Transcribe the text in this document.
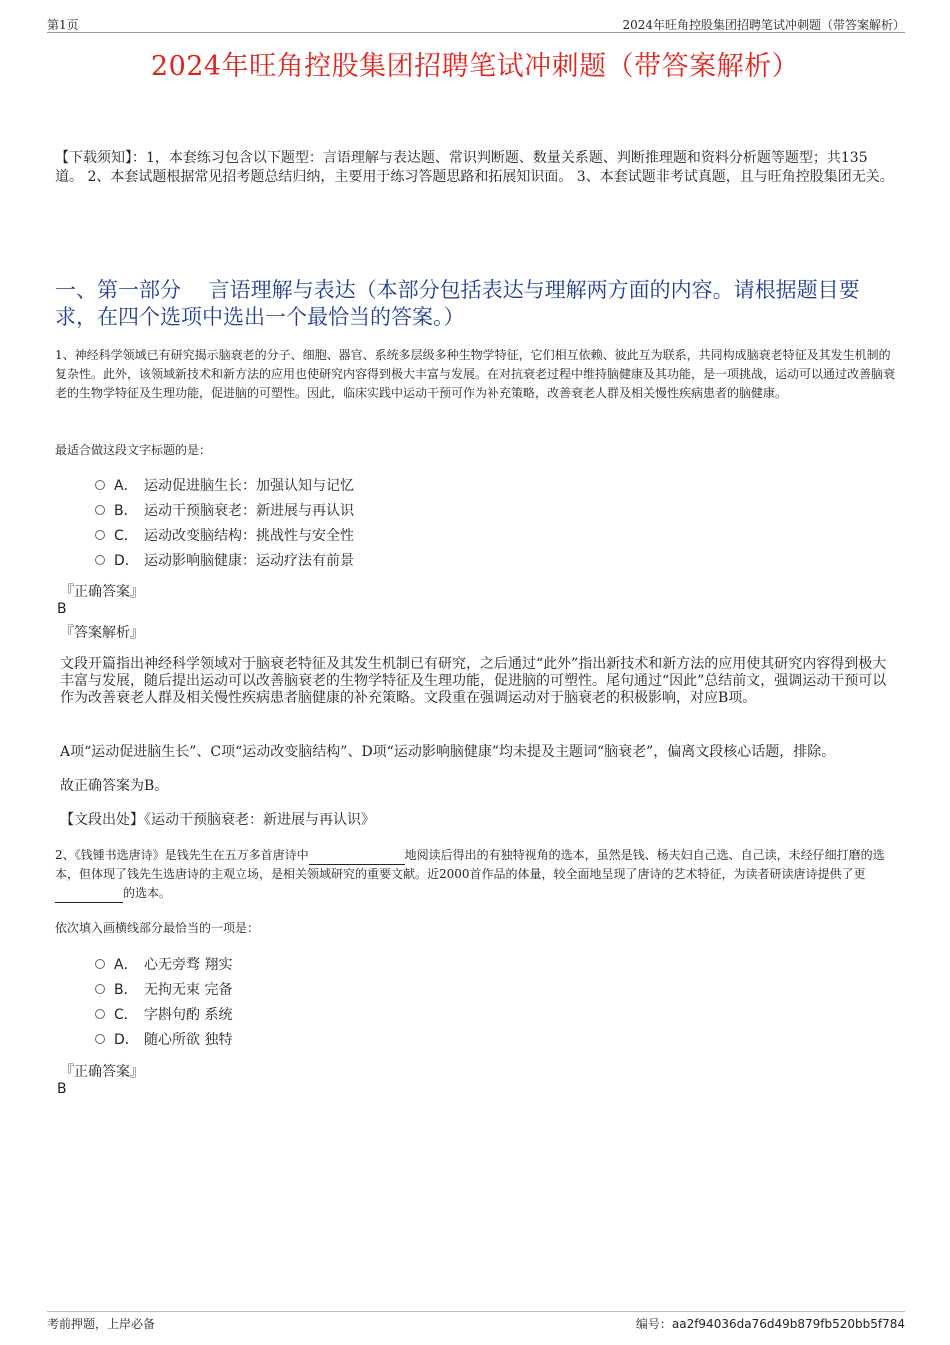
第1页	2024年旺角控股集团招聘笔试冲刺题（带答案解析）
2024年旺角控股集团招聘笔试冲刺题（带答案解析）
【下载须知】：1，本套练习包含以下题型：言语理解与表达题、常识判断题、数量关系题、判断推理题和资料分析题等题型；共135道。 2、本套试题根据常见招考题总结归纳，主要用于练习答题思路和拓展知识面。 3、本套试题非考试真题，且与旺角控股集团无关。
一、第一部分　 言语理解与表达（本部分包括表达与理解两方面的内容。请根据题目要求，在四个选项中选出一个最恰当的答案。）
1、神经科学领域已有研究揭示脑衰老的分子、细胞、器官、系统多层级多种生物学特征，它们相互依赖、彼此互为联系，共同构成脑衰老特征及其发生机制的复杂性。此外，该领域新技术和新方法的应用也使研究内容得到极大丰富与发展。在对抗衰老过程中维持脑健康及其功能，是一项挑战，运动可以通过改善脑衰老的生物学特征及生理功能，促进脑的可塑性。因此，临床实践中运动干预可作为补充策略，改善衰老人群及相关慢性疾病患者的脑健康。
最适合做这段文字标题的是：
A． 运动促进脑生长：加强认知与记忆
B． 运动干预脑衰老：新进展与再认识
C． 运动改变脑结构：挑战性与安全性
D． 运动影响脑健康：运动疗法有前景
『正确答案』
B
『答案解析』
文段开篇指出神经科学领域对于脑衰老特征及其发生机制已有研究，之后通过“此外”指出新技术和新方法的应用使其研究内容得到极大丰富与发展，随后提出运动可以改善脑衰老的生物学特征及生理功能，促进脑的可塑性。尾句通过“因此”总结前文，强调运动干预可以作为改善衰老人群及相关慢性疾病患者脑健康的补充策略。文段重在强调运动对于脑衰老的积极影响，对应B项。
A项“运动促进脑生长”、C项“运动改变脑结构”、D项“运动影响脑健康”均未提及主题词“脑衰老”，偏离文段核心话题，排除。
故正确答案为B。
【文段出处】《运动干预脑衰老：新进展与再认识》
2、《钱锺书选唐诗》是钱先生在五万多首唐诗中	地阅读后得出的有独特视角的选本，虽然是钱、杨夫妇自己选、自己读，未经仔细打磨的选本，但体现了钱先生选唐诗的主观立场，是相关领域研究的重要文献。近2000首作品的体量，较全面地呈现了唐诗的艺术特征，为读者研读唐诗提供了更的选本。
依次填入画横线部分最恰当的一项是：
A． 心无旁骛 翔实
B． 无拘无束 完备
C． 字斟句酌 系统
D． 随心所欲 独特
『正确答案』
B
考前押题，上岸必备	编号：aa2f94036da76d49b879fb520bb5f784
